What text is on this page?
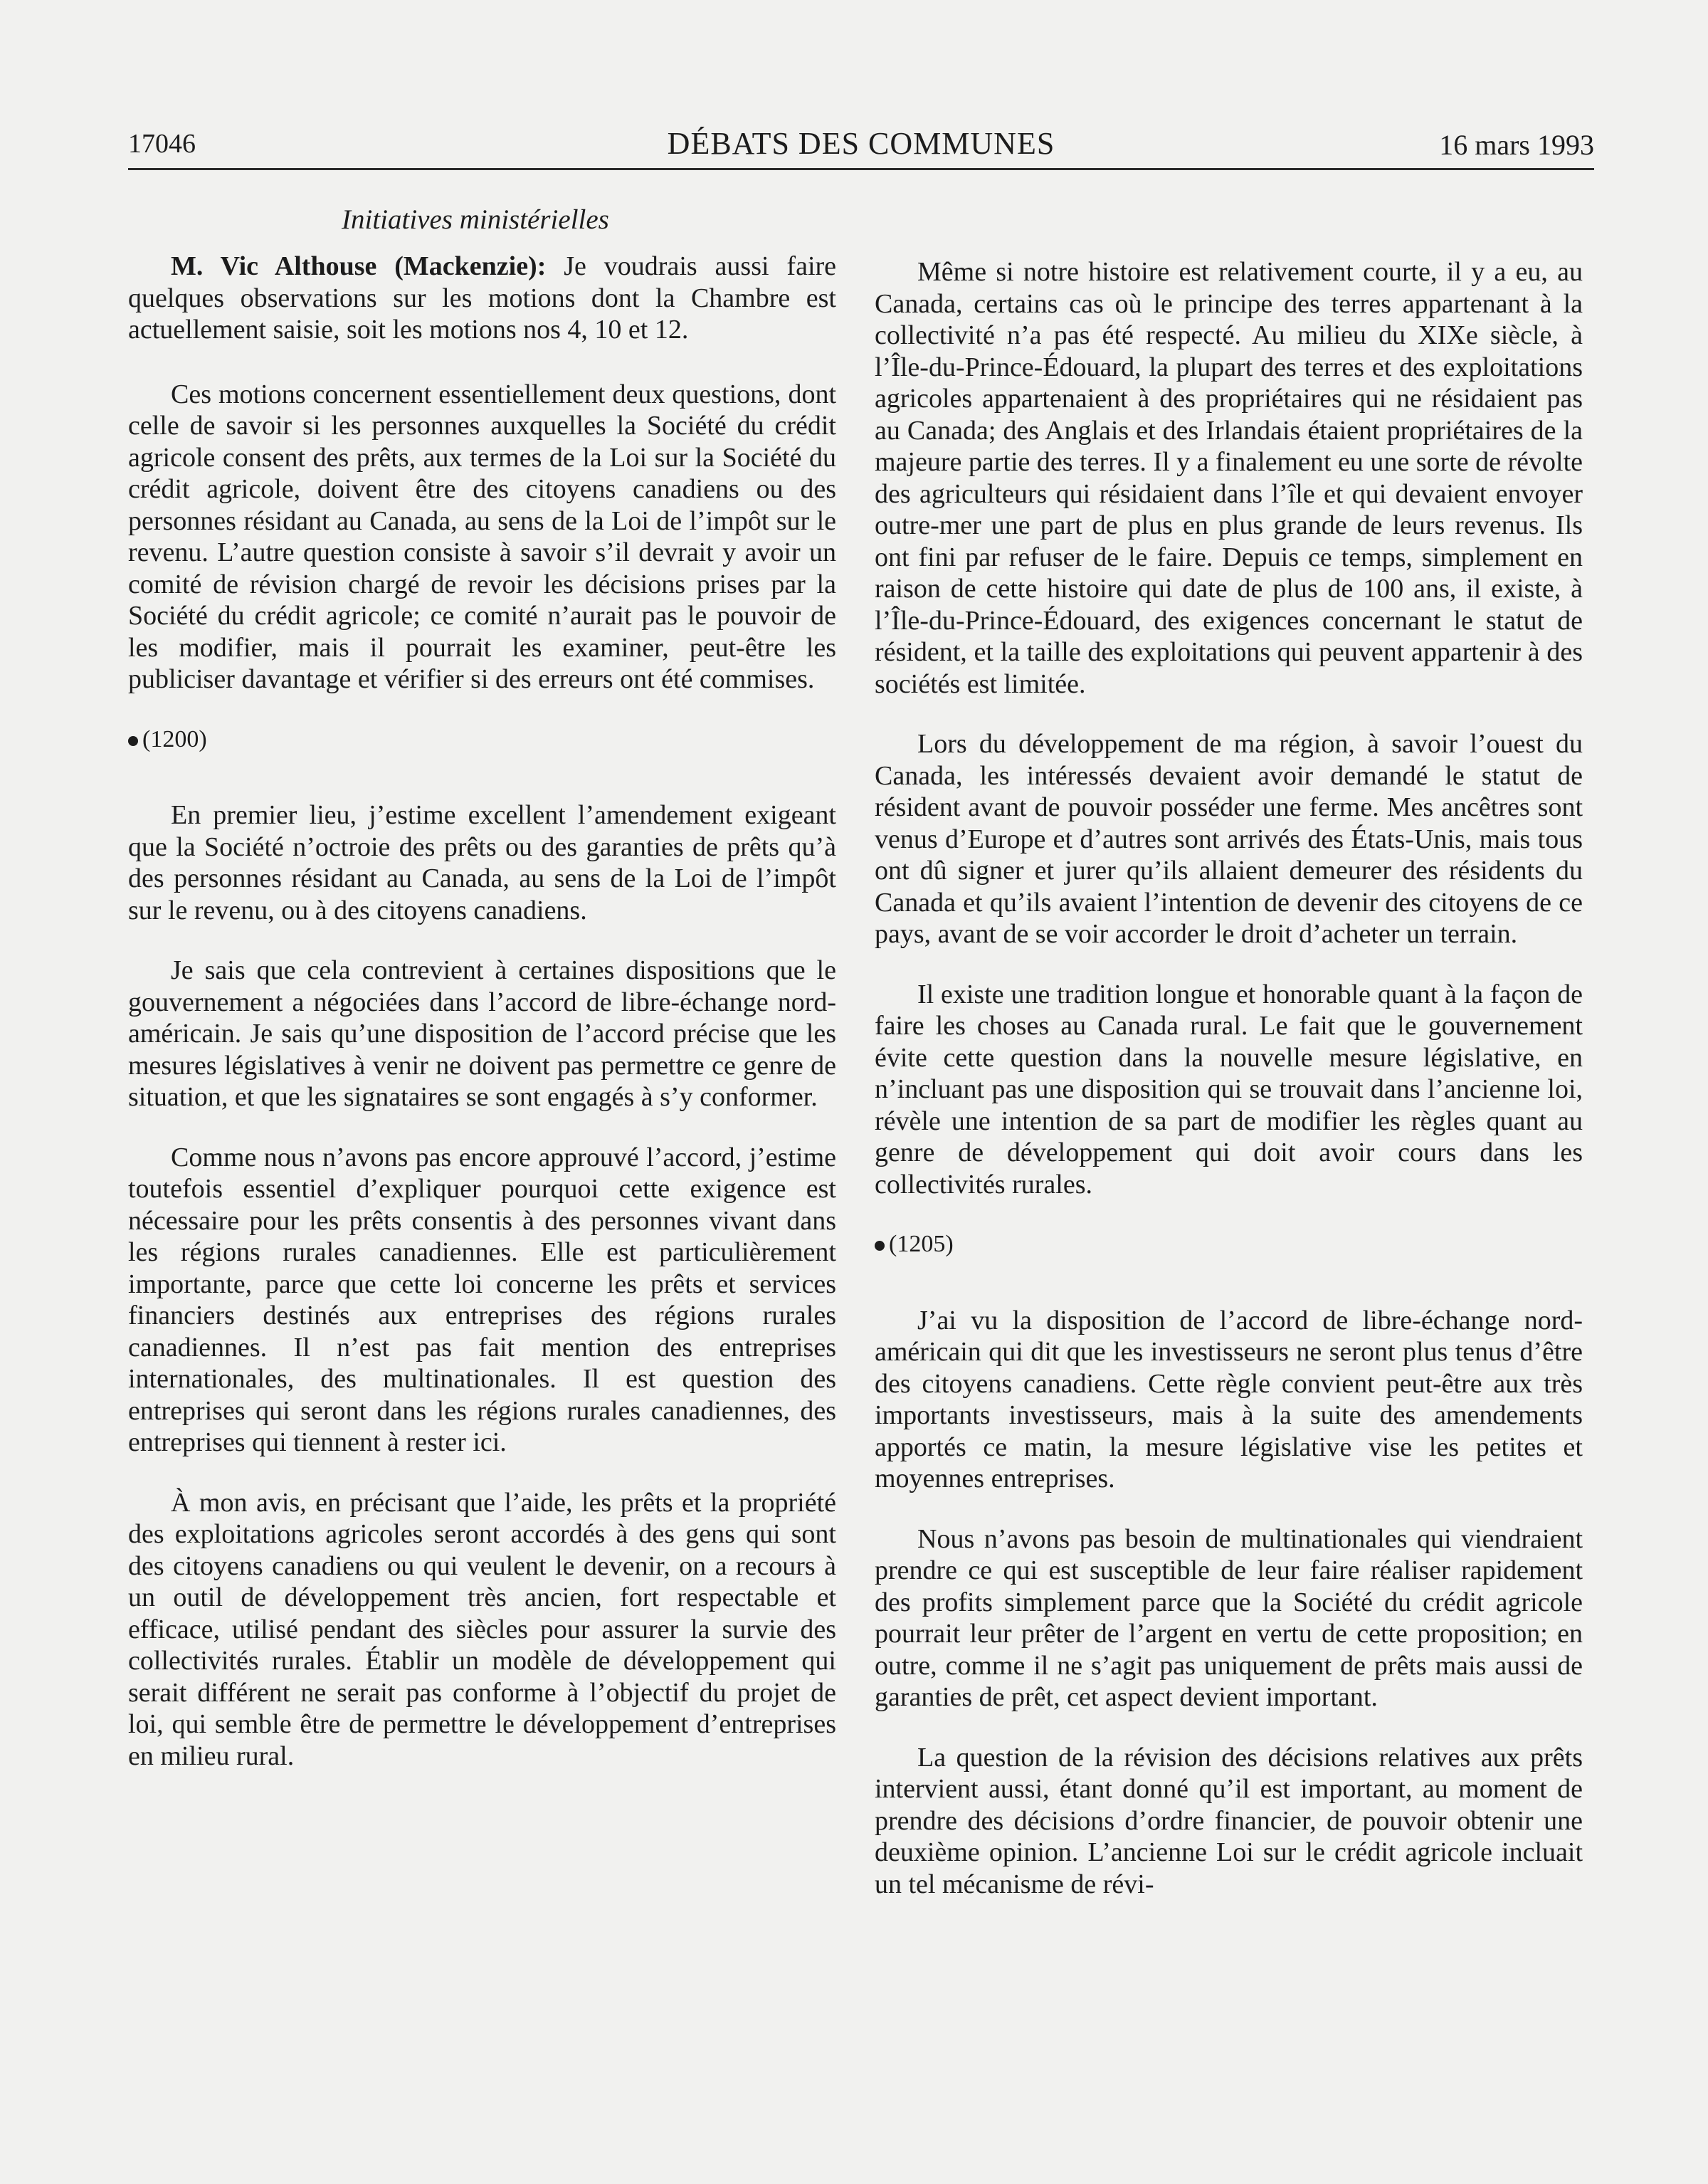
17046	DÉBATS DES COMMUNES	16 mars 1993
Initiatives ministérielles

M. Vic Althouse (Mackenzie): Je voudrais aussi faire quelques observations sur les motions dont la Chambre est actuellement saisie, soit les motions nos 4, 10 et 12.

Ces motions concernent essentiellement deux questions, dont celle de savoir si les personnes auxquelles la Société du crédit agricole consent des prêts, aux termes de la Loi sur la Société du crédit agricole, doivent être des citoyens canadiens ou des personnes résidant au Canada, au sens de la Loi de l’impôt sur le revenu. L’autre question consiste à savoir s’il devrait y avoir un comité de révision chargé de revoir les décisions prises par la Société du crédit agricole; ce comité n’aurait pas le pouvoir de les modifier, mais il pourrait les examiner, peut-être les publiciser davantage et vérifier si des erreurs ont été commises.

(1200)

En premier lieu, j’estime excellent l’amendement exigeant que la Société n’octroie des prêts ou des garanties de prêts qu’à des personnes résidant au Canada, au sens de la Loi de l’impôt sur le revenu, ou à des citoyens canadiens.

Je sais que cela contrevient à certaines dispositions que le gouvernement a négociées dans l’accord de libre-échange nord-américain. Je sais qu’une disposition de l’accord précise que les mesures législatives à venir ne doivent pas permettre ce genre de situation, et que les signataires se sont engagés à s’y conformer.

Comme nous n’avons pas encore approuvé l’accord, j’estime toutefois essentiel d’expliquer pourquoi cette exigence est nécessaire pour les prêts consentis à des personnes vivant dans les régions rurales canadiennes. Elle est particulièrement importante, parce que cette loi concerne les prêts et services financiers destinés aux entreprises des régions rurales canadiennes. Il n’est pas fait mention des entreprises internationales, des multinationales. Il est question des entreprises qui seront dans les régions rurales canadiennes, des entreprises qui tiennent à rester ici.

À mon avis, en précisant que l’aide, les prêts et la propriété des exploitations agricoles seront accordés à des gens qui sont des citoyens canadiens ou qui veulent le devenir, on a recours à un outil de développement très ancien, fort respectable et efficace, utilisé pendant des siècles pour assurer la survie des collectivités rurales. Établir un modèle de développement qui serait différent ne serait pas conforme à l’objectif du projet de loi, qui semble être de permettre le développement d’entreprises en milieu rural.

Même si notre histoire est relativement courte, il y a eu, au Canada, certains cas où le principe des terres appartenant à la collectivité n’a pas été respecté. Au milieu du XIXe siècle, à l’Île-du-Prince-Édouard, la plupart des terres et des exploitations agricoles appartenaient à des propriétaires qui ne résidaient pas au Canada; des Anglais et des Irlandais étaient propriétaires de la majeure partie des terres. Il y a finalement eu une sorte de révolte des agriculteurs qui résidaient dans l’île et qui devaient envoyer outre-mer une part de plus en plus grande de leurs revenus. Ils ont fini par refuser de le faire. Depuis ce temps, simplement en raison de cette histoire qui date de plus de 100 ans, il existe, à l’Île-du-Prince-Édouard, des exigences concernant le statut de résident, et la taille des exploitations qui peuvent appartenir à des sociétés est limitée.

Lors du développement de ma région, à savoir l’ouest du Canada, les intéressés devaient avoir demandé le statut de résident avant de pouvoir posséder une ferme. Mes ancêtres sont venus d’Europe et d’autres sont arrivés des États-Unis, mais tous ont dû signer et jurer qu’ils allaient demeurer des résidents du Canada et qu’ils avaient l’intention de devenir des citoyens de ce pays, avant de se voir accorder le droit d’acheter un terrain.

Il existe une tradition longue et honorable quant à la façon de faire les choses au Canada rural. Le fait que le gouvernement évite cette question dans la nouvelle mesure législative, en n’incluant pas une disposition qui se trouvait dans l’ancienne loi, révèle une intention de sa part de modifier les règles quant au genre de développement qui doit avoir cours dans les collectivités rurales.

(1205)

J’ai vu la disposition de l’accord de libre-échange nord-américain qui dit que les investisseurs ne seront plus tenus d’être des citoyens canadiens. Cette règle convient peut-être aux très importants investisseurs, mais à la suite des amendements apportés ce matin, la mesure législative vise les petites et moyennes entreprises.

Nous n’avons pas besoin de multinationales qui viendraient prendre ce qui est susceptible de leur faire réaliser rapidement des profits simplement parce que la Société du crédit agricole pourrait leur prêter de l’argent en vertu de cette proposition; en outre, comme il ne s’agit pas uniquement de prêts mais aussi de garanties de prêt, cet aspect devient important.

La question de la révision des décisions relatives aux prêts intervient aussi, étant donné qu’il est important, au moment de prendre des décisions d’ordre financier, de pouvoir obtenir une deuxième opinion. L’ancienne Loi sur le crédit agricole incluait un tel mécanisme de révi-
